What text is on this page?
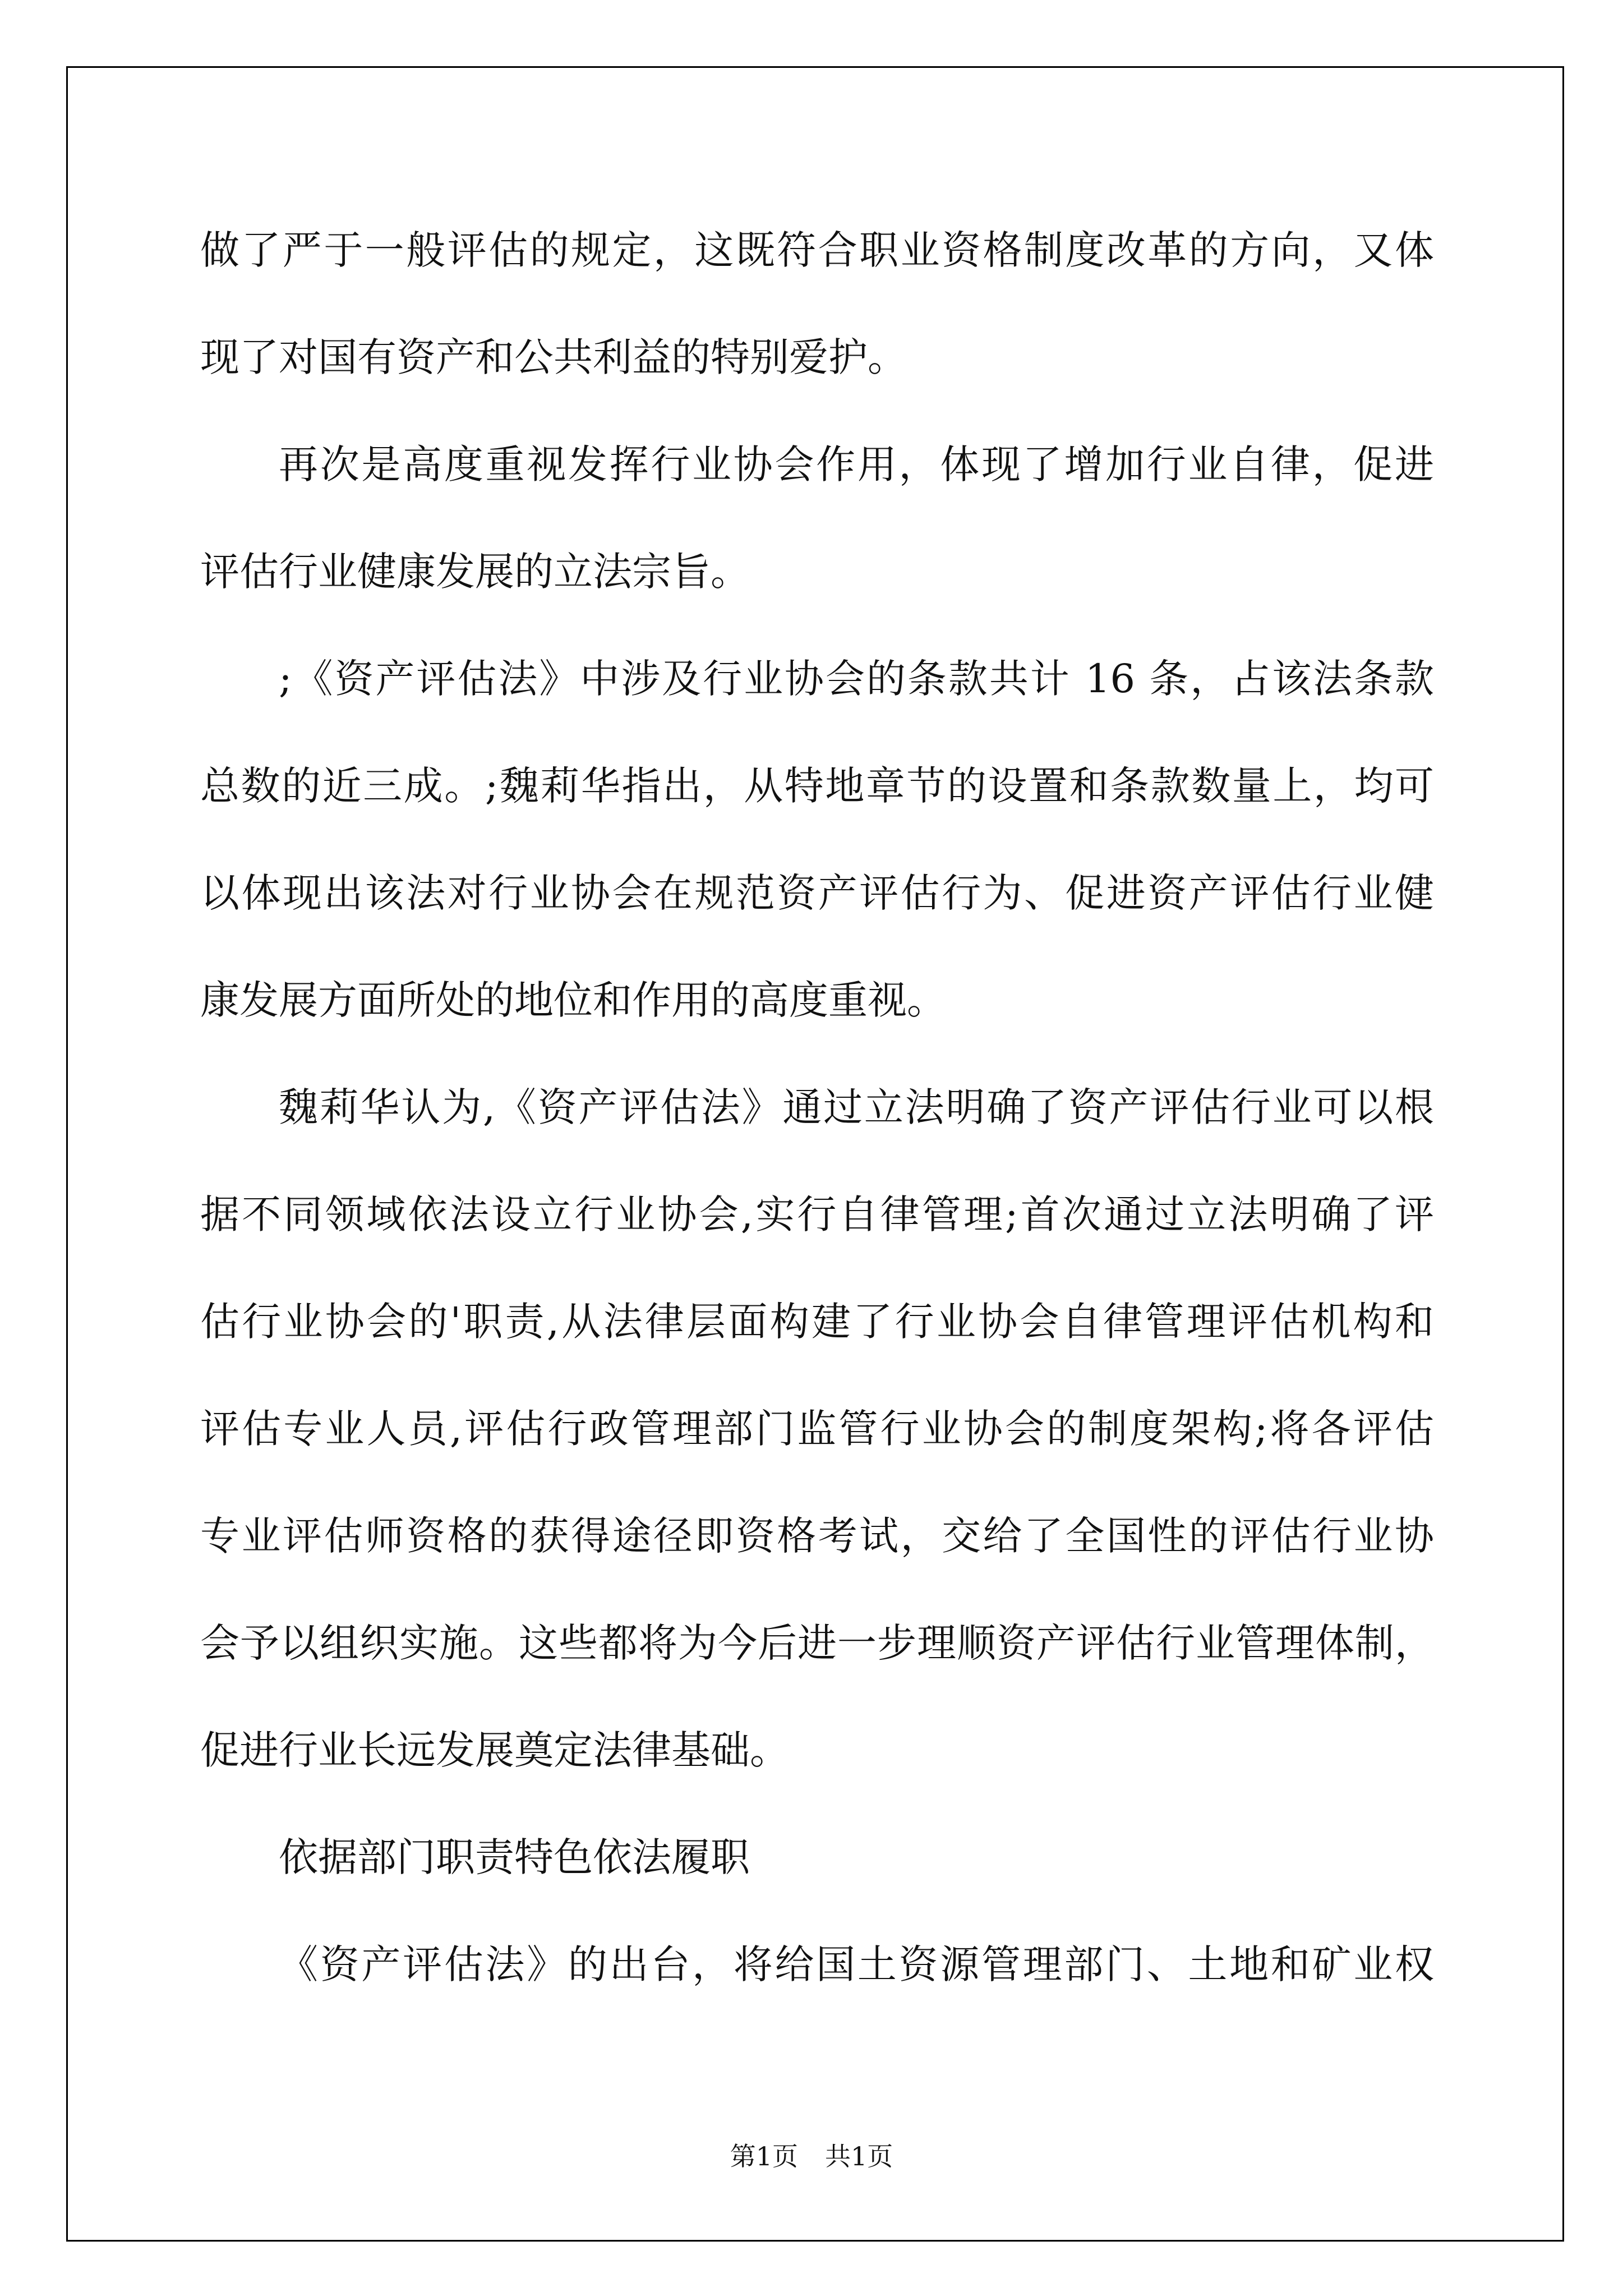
做了严于一般评估的规定，这既符合职业资格制度改革的方向，又体
现了对国有资产和公共利益的特别爱护。
再次是高度重视发挥行业协会作用，体现了增加行业自律，促进
评估行业健康发展的立法宗旨。
;《资产评估法》中涉及行业协会的条款共计 16 条，占该法条款
总数的近三成。;魏莉华指出，从特地章节的设置和条款数量上，均可
以体现出该法对行业协会在规范资产评估行为、促进资产评估行业健
康发展方面所处的地位和作用的高度重视。
魏莉华认为,《资产评估法》通过立法明确了资产评估行业可以根
据不同领域依法设立行业协会,实行自律管理;首次通过立法明确了评
估行业协会的'职责,从法律层面构建了行业协会自律管理评估机构和
评估专业人员,评估行政管理部门监管行业协会的制度架构;将各评估
专业评估师资格的获得途径即资格考试，交给了全国性的评估行业协
会予以组织实施。这些都将为今后进一步理顺资产评估行业管理体制，
促进行业长远发展奠定法律基础。
依据部门职责特色依法履职
《资产评估法》的出台，将给国土资源管理部门、土地和矿业权
第1页 共1页
